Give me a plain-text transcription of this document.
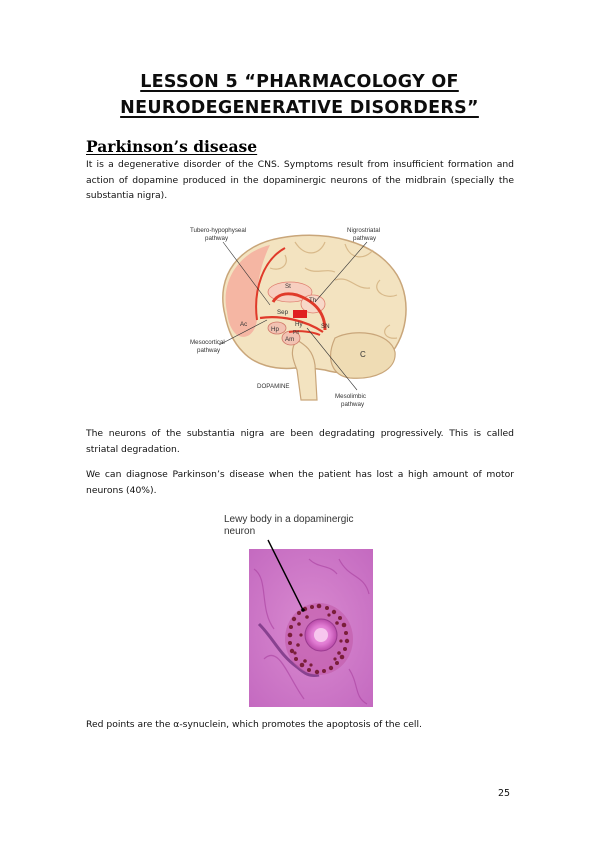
LESSON 5 “PHARMACOLOGY OF
NEURODEGENERATIVE DISORDERS”
Parkinson’s disease

It is a degenerative disorder of the CNS. Symptoms result from insufficient formation and action of dopamine produced in the dopaminergic neurons of the midbrain (specially the substantia nigra).

Tubero-hypophyseal
pathway
Nigrostriatal
pathway
Mesocortical
pathway
Mesolimbic
pathway
DOPAMINE
St
Ac
Sep
Th
Hy
Hp
Am
SN
C
Pit

The neurons of the substantia nigra are been degradating progressively. This is called striatal degradation.

We can diagnose Parkinson’s disease when the patient has lost a high amount of motor neurons (40%).

Lewy body in a dopaminergic
neuron

Red points are the α-synuclein, which promotes the apoptosis of the cell.

25
